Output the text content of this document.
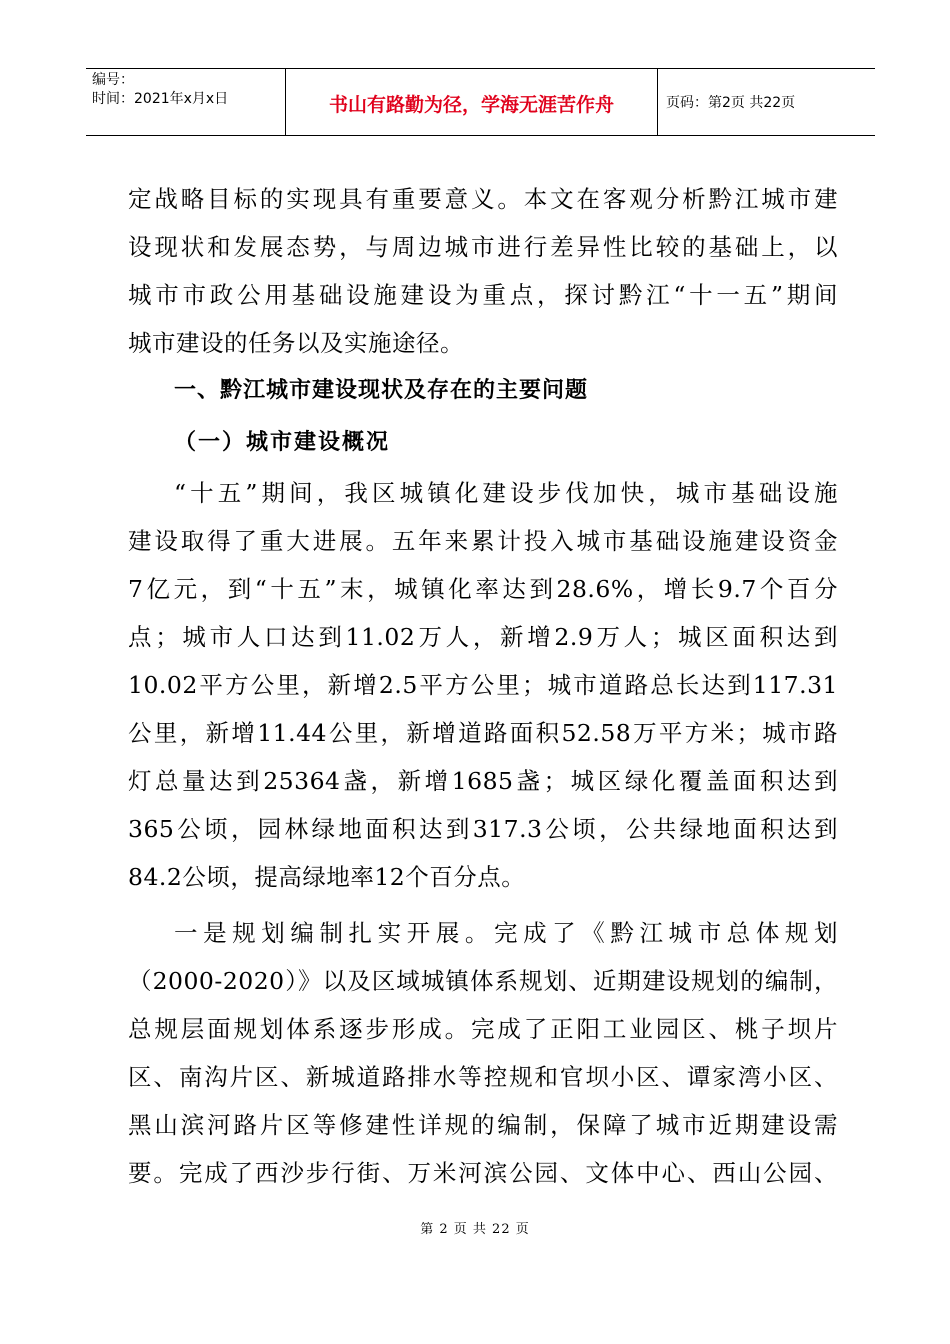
编号：
时间：2021年x月x日	书山有路勤为径，学海无涯苦作舟	页码：第2页 共22页
定战略目标的实现具有重要意义。本文在客观分析黔江城市建
设现状和发展态势，与周边城市进行差异性比较的基础上，以
城市市政公用基础设施建设为重点，探讨黔江“十一五”期间
城市建设的任务以及实施途径。
一、黔江城市建设现状及存在的主要问题
（一）城市建设概况
“十五”期间，我区城镇化建设步伐加快，城市基础设施
建设取得了重大进展。五年来累计投入城市基础设施建设资金
7亿元，到“十五”末，城镇化率达到28.6%，增长9.7个百分
点；城市人口达到11.02万人，新增2.9万人；城区面积达到
10.02平方公里，新增2.5平方公里；城市道路总长达到117.31
公里，新增11.44公里，新增道路面积52.58万平方米；城市路
灯总量达到25364盏，新增1685盏；城区绿化覆盖面积达到
365公顷，园林绿地面积达到317.3公顷，公共绿地面积达到
84.2公顷，提高绿地率12个百分点。
一是规划编制扎实开展。完成了《黔江城市总体规划
（2000-2020）》以及区域城镇体系规划、近期建设规划的编制，
总规层面规划体系逐步形成。完成了正阳工业园区、桃子坝片
区、南沟片区、新城道路排水等控规和官坝小区、谭家湾小区、
黑山滨河路片区等修建性详规的编制，保障了城市近期建设需
要。完成了西沙步行街、万米河滨公园、文体中心、西山公园、
第 2 页 共 22 页
